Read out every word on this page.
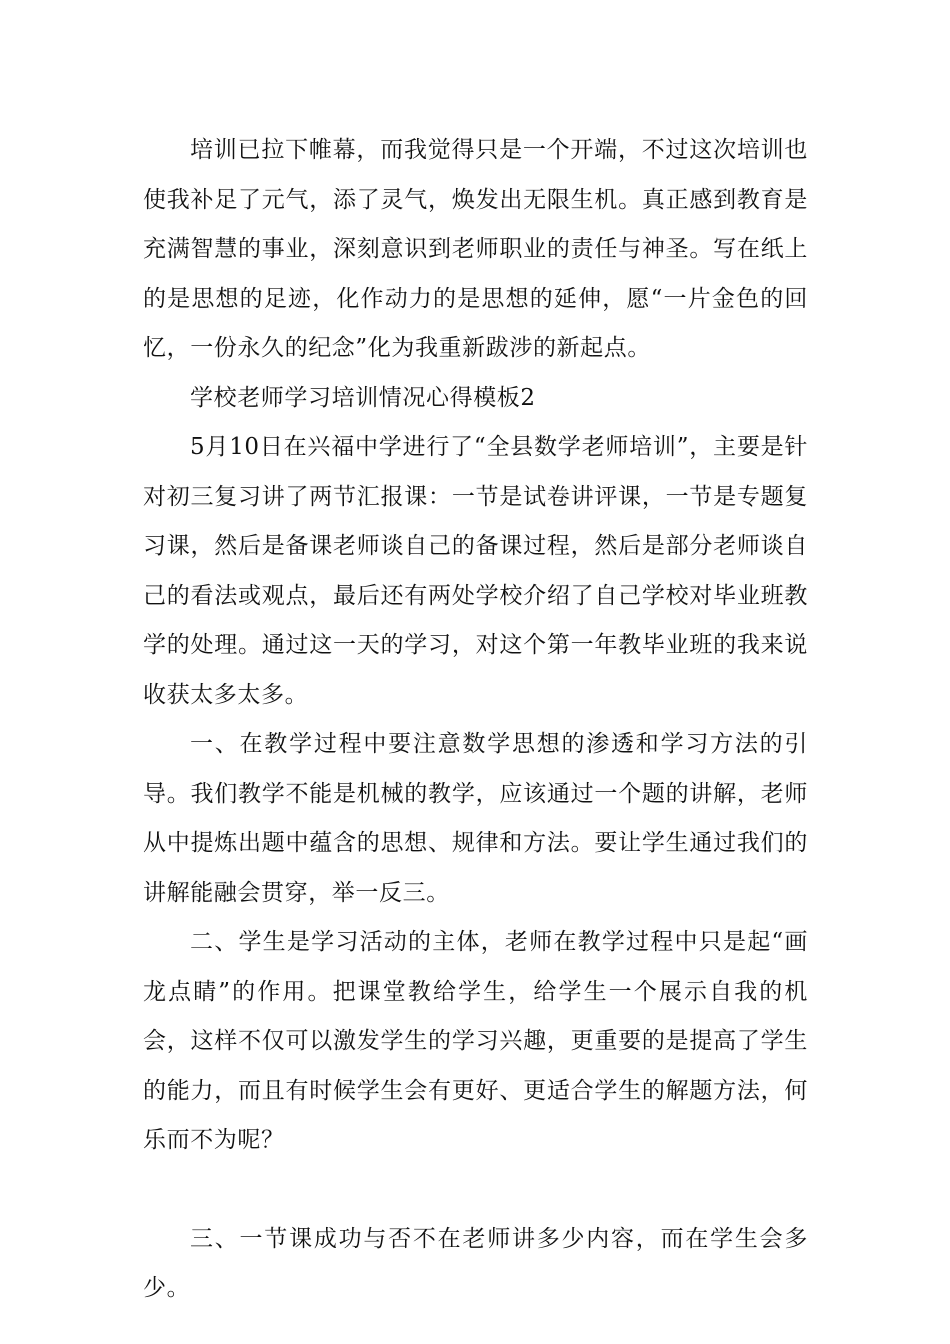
培训已拉下帷幕，而我觉得只是一个开端，不过这次培训也使我补足了元气，添了灵气，焕发出无限生机。真正感到教育是充满智慧的事业，深刻意识到老师职业的责任与神圣。写在纸上的是思想的足迹，化作动力的是思想的延伸，愿“一片金色的回忆，一份永久的纪念”化为我重新跋涉的新起点。

学校老师学习培训情况心得模板2

5月10日在兴福中学进行了“全县数学老师培训”，主要是针对初三复习讲了两节汇报课：一节是试卷讲评课，一节是专题复习课，然后是备课老师谈自己的备课过程，然后是部分老师谈自己的看法或观点，最后还有两处学校介绍了自己学校对毕业班教学的处理。通过这一天的学习，对这个第一年教毕业班的我来说收获太多太多。

一、在教学过程中要注意数学思想的渗透和学习方法的引导。我们教学不能是机械的教学，应该通过一个题的讲解，老师从中提炼出题中蕴含的思想、规律和方法。要让学生通过我们的讲解能融会贯穿，举一反三。

二、学生是学习活动的主体，老师在教学过程中只是起“画龙点睛”的作用。把课堂教给学生，给学生一个展示自我的机会，这样不仅可以激发学生的学习兴趣，更重要的是提高了学生的能力，而且有时候学生会有更好、更适合学生的解题方法，何乐而不为呢？

三、一节课成功与否不在老师讲多少内容，而在学生会多少。
